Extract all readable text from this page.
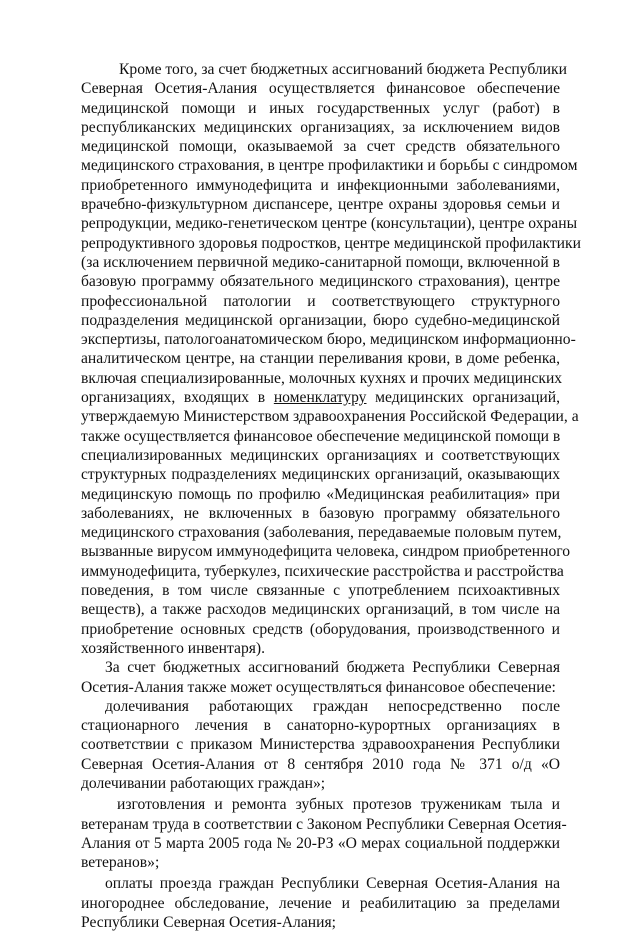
Кроме того, за счет бюджетных ассигнований бюджета Республики
Северная Осетия-Алания осуществляется финансовое обеспечение
медицинской помощи и иных государственных услуг (работ) в
республиканских медицинских организациях, за исключением видов
медицинской помощи, оказываемой за счет средств обязательного
медицинского страхования, в центре профилактики и борьбы с синдромом
приобретенного иммунодефицита и инфекционными заболеваниями,
врачебно-физкультурном диспансере, центре охраны здоровья семьи и
репродукции, медико-генетическом центре (консультации), центре охраны
репродуктивного здоровья подростков, центре медицинской профилактики
(за исключением первичной медико-санитарной помощи, включенной в
базовую программу обязательного медицинского страхования), центре
профессиональной патологии и соответствующего структурного
подразделения медицинской организации, бюро судебно-медицинской
экспертизы, патологоанатомическом бюро, медицинском информационно-
аналитическом центре, на станции переливания крови, в доме ребенка,
включая специализированные, молочных кухнях и прочих медицинских
организациях, входящих в номенклатуру медицинских организаций,
утверждаемую Министерством здравоохранения Российской Федерации, а
также осуществляется финансовое обеспечение медицинской помощи в
специализированных медицинских организациях и соответствующих
структурных подразделениях медицинских организаций, оказывающих
медицинскую помощь по профилю «Медицинская реабилитация» при
заболеваниях, не включенных в базовую программу обязательного
медицинского страхования (заболевания, передаваемые половым путем,
вызванные вирусом иммунодефицита человека, синдром приобретенного
иммунодефицита, туберкулез, психические расстройства и расстройства
поведения, в том числе связанные с употреблением психоактивных
веществ), а также расходов медицинских организаций, в том числе на
приобретение основных средств (оборудования, производственного и
хозяйственного инвентаря).
За счет бюджетных ассигнований бюджета Республики Северная
Осетия-Алания также может осуществляться финансовое обеспечение:
долечивания работающих граждан непосредственно после
стационарного лечения в санаторно-курортных организациях в
соответствии с приказом Министерства здравоохранения Республики
Северная Осетия-Алания от 8 сентября 2010 года № 371 о/д «О
долечивании работающих граждан»;
изготовления и ремонта зубных протезов труженикам тыла и
ветеранам труда в соответствии с Законом Республики Северная Осетия-
Алания от 5 марта 2005 года № 20-РЗ «О мерах социальной поддержки
ветеранов»;
оплаты проезда граждан Республики Северная Осетия-Алания на
иногороднее обследование, лечение и реабилитацию за пределами
Республики Северная Осетия-Алания;
